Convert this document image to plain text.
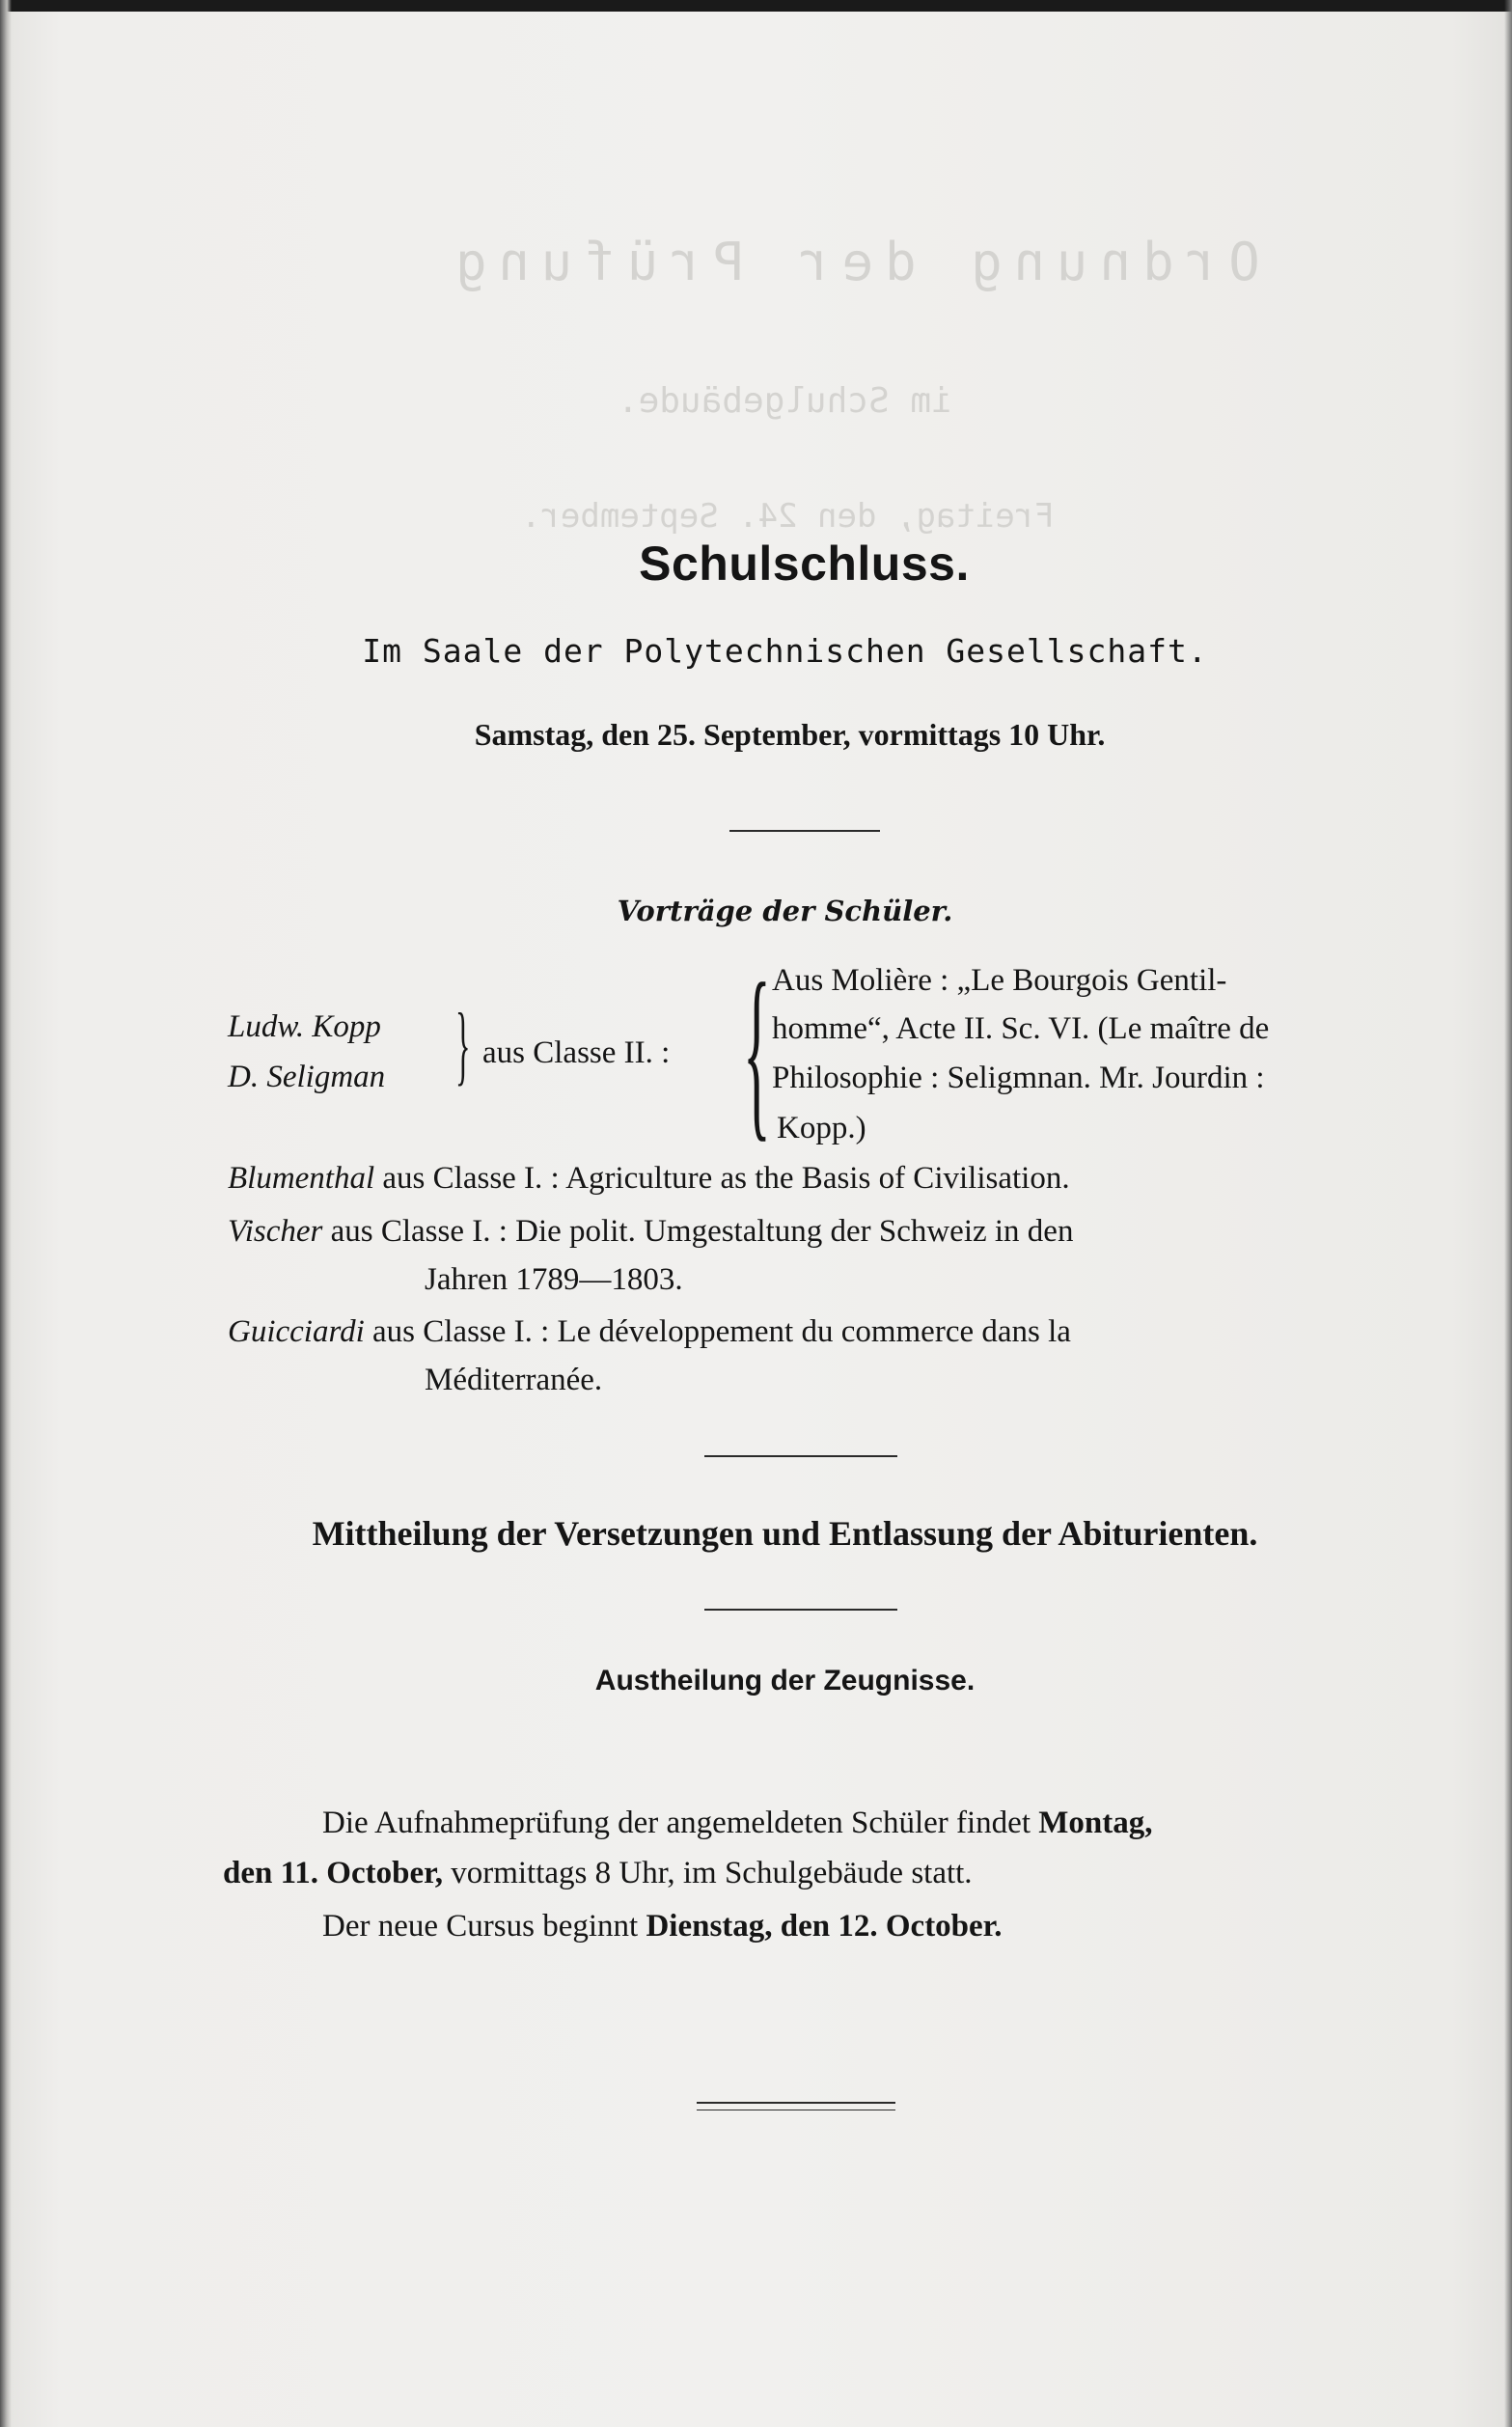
Ordnung der Prüfung
im Schulgebäude.
Freitag, den 24. September.
Schulschluss.
Im Saale der Polytechnischen Gesellschaft.
Samstag, den 25. September, vormittags 10 Uhr.
Vorträge der Schüler.
Ludw. Kopp
D. Seligman } aus Classe II. : { Aus Molière : „Le Bourgois Gentil-
homme“, Acte II. Sc. VI. (Le maître de
Philosophie : Seligmnan. Mr. Jourdin :
Kopp.)
Blumenthal aus Classe I. : Agriculture as the Basis of Civilisation.
Vischer aus Classe I. : Die polit. Umgestaltung der Schweiz in den
Jahren 1789—1803.
Guicciardi aus Classe I. : Le développement du commerce dans la
Méditerranée.
Mittheilung der Versetzungen und Entlassung der Abiturienten.
Austheilung der Zeugnisse.
Die Aufnahmeprüfung der angemeldeten Schüler findet Montag,
den 11. October, vormittags 8 Uhr, im Schulgebäude statt.
Der neue Cursus beginnt Dienstag, den 12. October.
